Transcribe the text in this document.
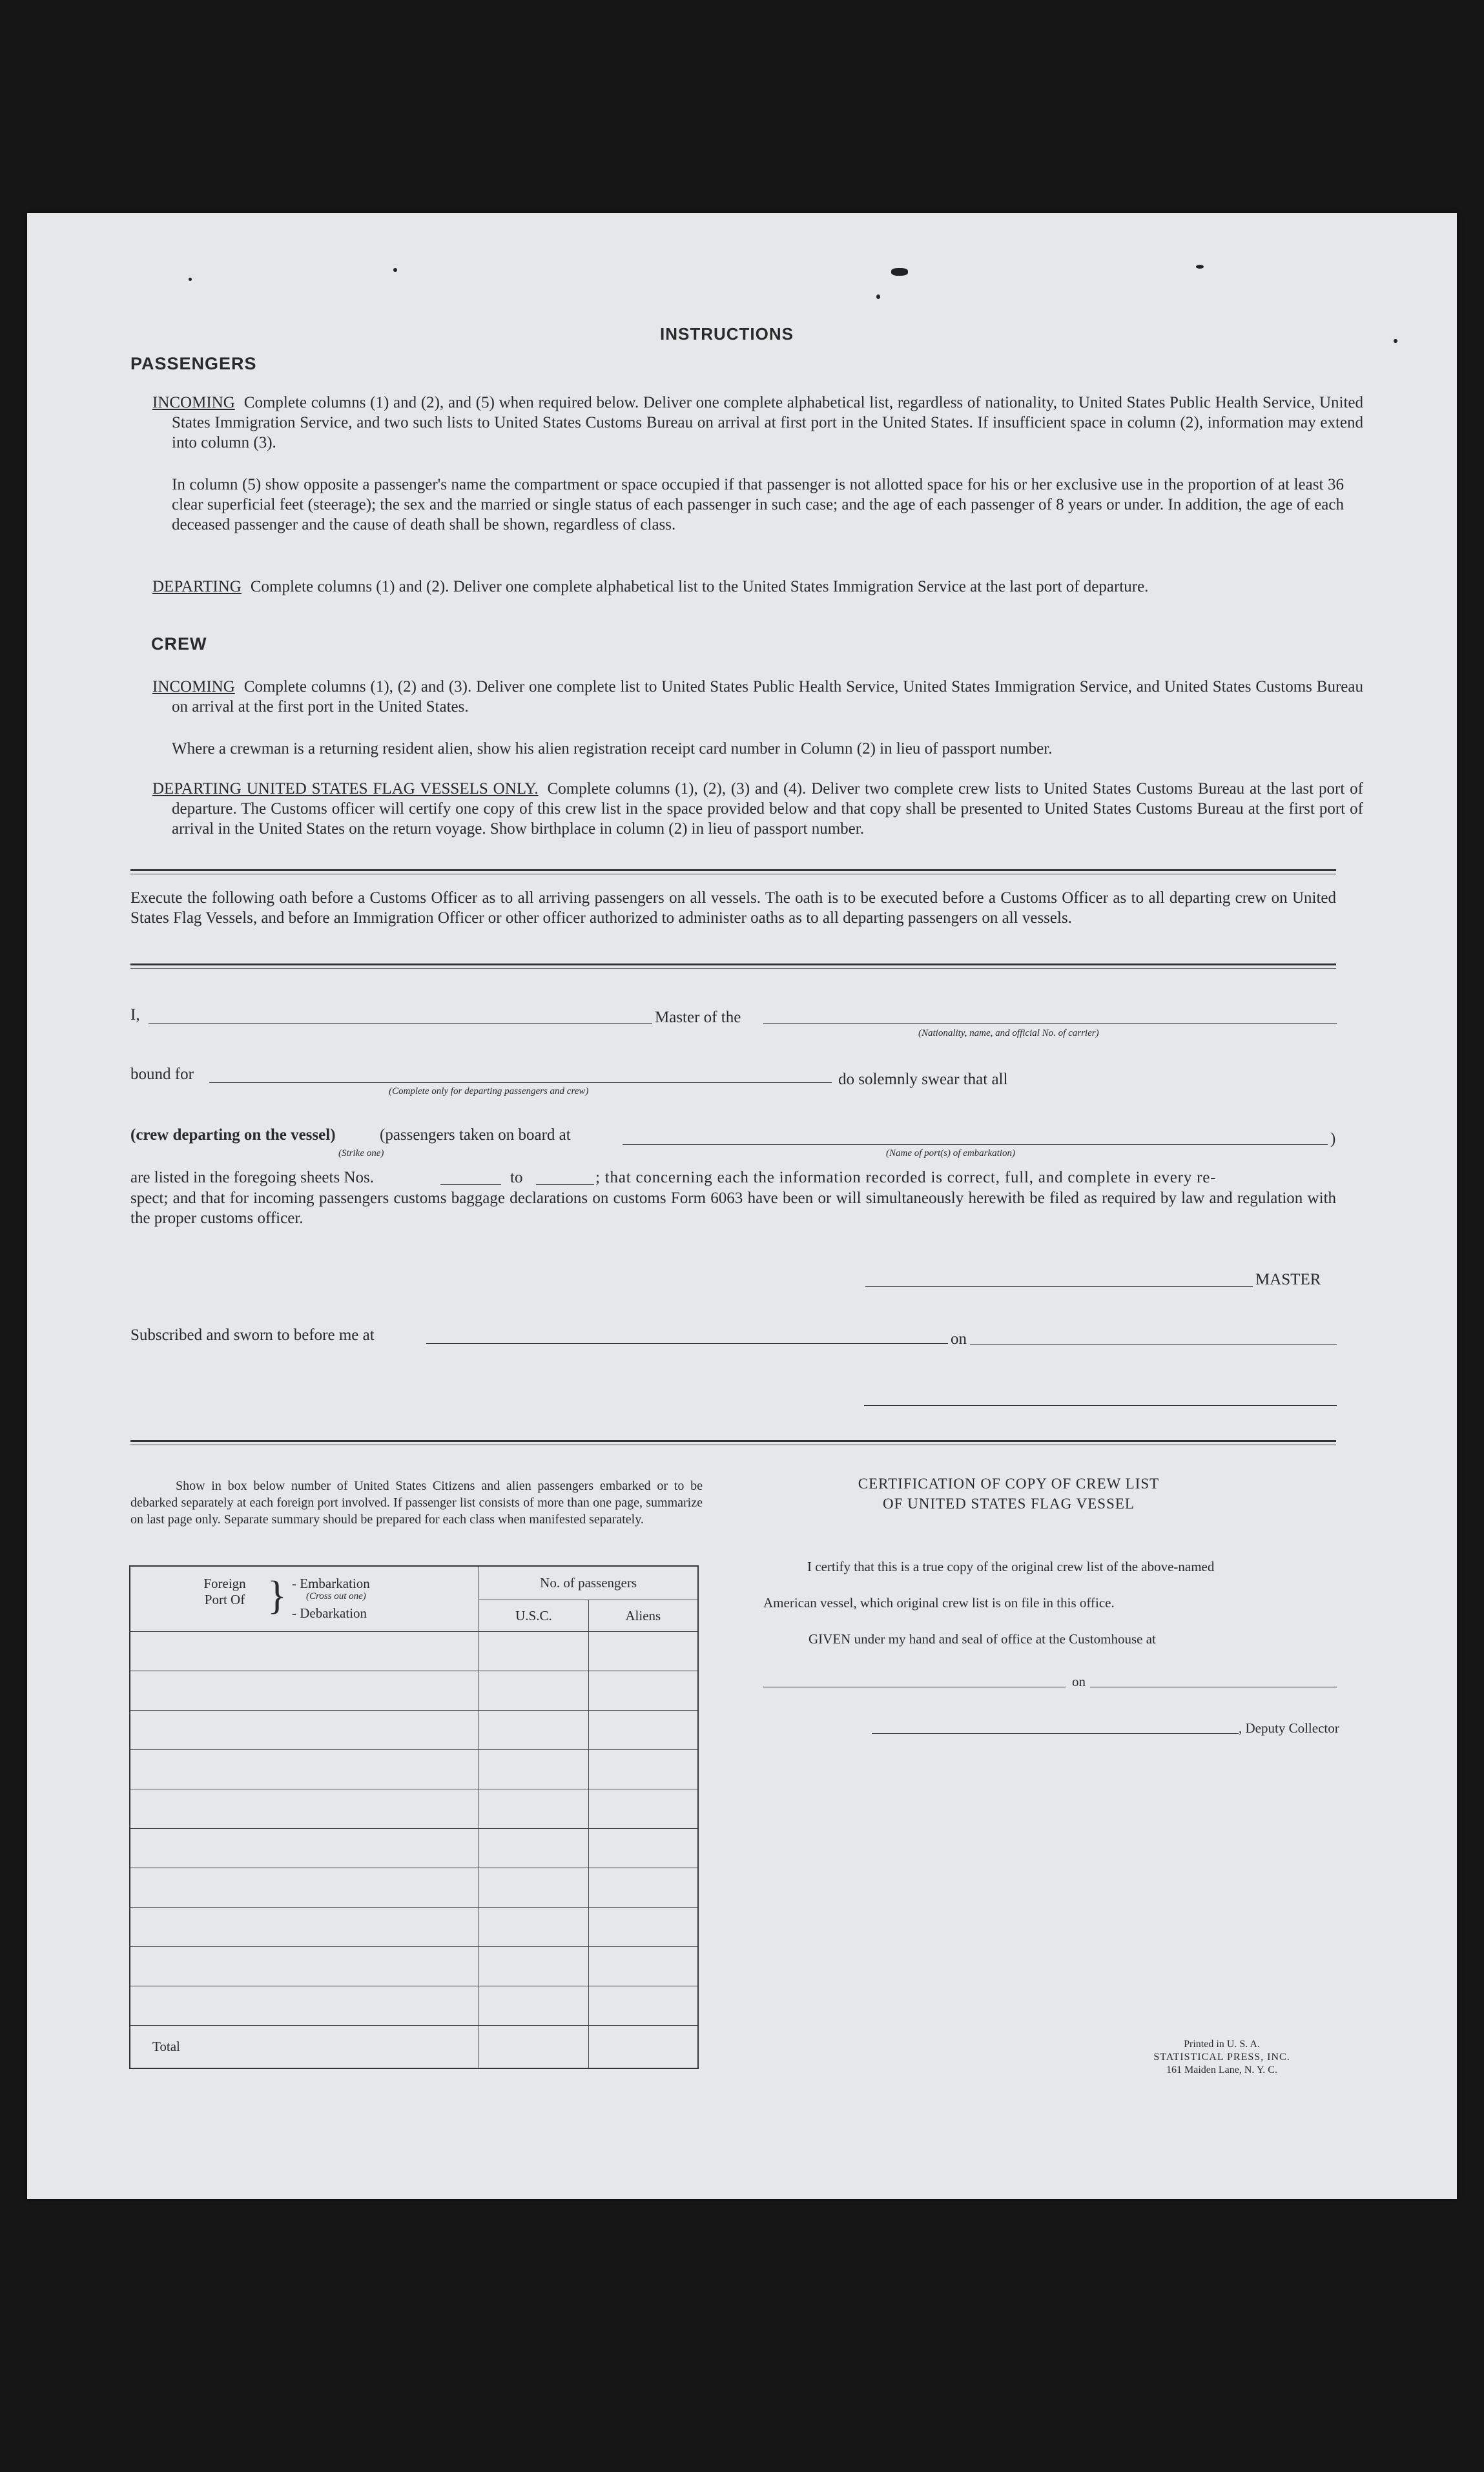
INSTRUCTIONS
PASSENGERS
INCOMING Complete columns (1) and (2), and (5) when required below. Deliver one complete alphabetical list, regardless of nationality, to United States Public Health Service, United States Immigration Service, and two such lists to United States Customs Bureau on arrival at first port in the United States. If insufficient space in column (2), information may extend into column (3).
In column (5) show opposite a passenger's name the compartment or space occupied if that passenger is not allotted space for his or her exclusive use in the proportion of at least 36 clear superficial feet (steerage); the sex and the married or single status of each passenger in such case; and the age of each passenger of 8 years or under. In addition, the age of each deceased passenger and the cause of death shall be shown, regardless of class.
DEPARTING Complete columns (1) and (2). Deliver one complete alphabetical list to the United States Immigration Service at the last port of departure.
CREW
INCOMING Complete columns (1), (2) and (3). Deliver one complete list to United States Public Health Service, United States Immigration Service, and United States Customs Bureau on arrival at the first port in the United States.
Where a crewman is a returning resident alien, show his alien registration receipt card number in Column (2) in lieu of passport number.
DEPARTING UNITED STATES FLAG VESSELS ONLY. Complete columns (1), (2), (3) and (4). Deliver two complete crew lists to United States Customs Bureau at the last port of departure. The Customs officer will certify one copy of this crew list in the space provided below and that copy shall be presented to United States Customs Bureau at the first port of arrival in the United States on the return voyage. Show birthplace in column (2) in lieu of passport number.
Execute the following oath before a Customs Officer as to all arriving passengers on all vessels. The oath is to be executed before a Customs Officer as to all departing crew on United States Flag Vessels, and before an Immigration Officer or other officer authorized to administer oaths as to all departing passengers on all vessels.
I,	Master of the
(Nationality, name, and official No. of carrier)
bound for
(Complete only for departing passengers and crew)
do solemnly swear that all
(crew departing on the vessel)	(passengers taken on board at	)
(Strike one)	(Name of port(s) of embarkation)
are listed in the foregoing sheets Nos.	to	; that concerning each the information recorded is correct, full, and complete in every re-
spect; and that for incoming passengers customs baggage declarations on customs Form 6063 have been or will simultaneously herewith be filed as required by law and regulation with the proper customs officer.
MASTER
Subscribed and sworn to before me at	on
Show in box below number of United States Citizens and alien passengers embarked or to be debarked separately at each foreign port involved. If passenger list consists of more than one page, summarize on last page only. Separate summary should be prepared for each class when manifested separately.
Foreign Port Of } - Embarkation
(Cross out one)
- Debarkation	No. of passengers	
	U.S.C.	Aliens

Total		
CERTIFICATION OF COPY OF CREW LIST
OF UNITED STATES FLAG VESSEL
I certify that this is a true copy of the original crew list of the above-named
American vessel, which original crew list is on file in this office.
GIVEN under my hand and seal of office at the Customhouse at
on
, Deputy Collector
Printed in U. S. A.
STATISTICAL PRESS, INC.
161 Maiden Lane, N. Y. C.
